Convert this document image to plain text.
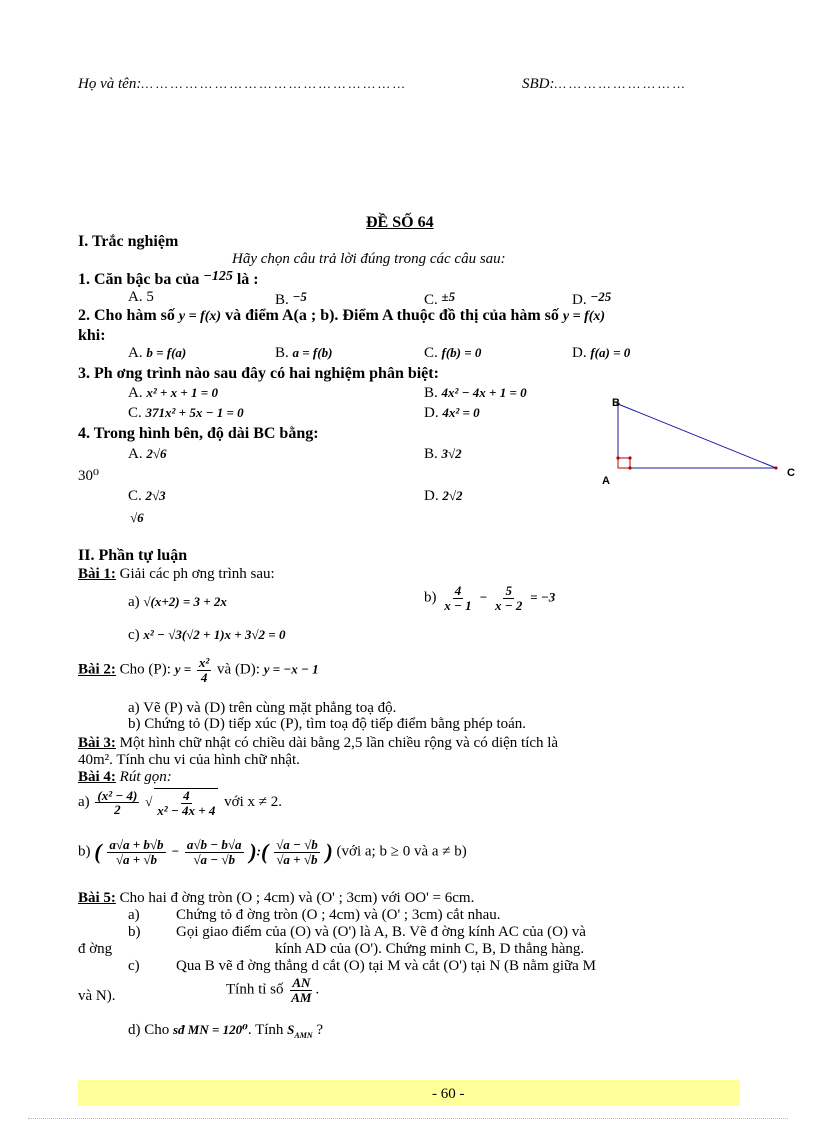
Họ và tên:… … … … … … … … … … … … … … … … … …	SBD:… … … … … … … … …
ĐỀ SỐ 64
I. Trắc nghiệm
Hãy chọn câu trả lời đúng trong các câu sau:
1. Căn bậc ba của −125 là :
A. 5	B. −5	C. ±5	D. −25
2. Cho hàm số y = f(x) và điểm A(a ; b). Điểm A thuộc đồ thị của hàm số y = f(x)
khi:
A. b = f(a)	B. a = f(b)	C. f(b) = 0	D. f(a) = 0
3. Ph ơng trình nào sau đây có hai nghiệm phân biệt:
A. x² + x + 1 = 0	B. 4x² − 4x + 1 = 0
C. 371x² + 5x − 1 = 0	D. 4x² = 0
4. Trong hình bên, độ dài BC bằng:
A. 2√6	B. 3√2
30⁰
C. 2√3	D. 2√2
√6
B
A
C
II. Phần tự luận
Bài 1: Giải các ph ơng trình sau:
a) √(x+2) = 3 + 2x	$b) \frac{4}{x - 1} - \frac{5}{x - 2} = -3$
c) x² − √3(√2 + 1)x + 3√2 = 0
Bài 2: Cho (P): $y = \frac{\text{x²}}{4}$ và (D): y = −x − 1
a) Vẽ (P) và (D) trên cùng mặt phẳng toạ độ.
b) Chứng tỏ (D) tiếp xúc (P), tìm toạ độ tiếp điểm bằng phép toán.
Bài 3: Một hình chữ nhật có chiều dài bằng 2,5 lần chiều rộng và có diện tích là
40m². Tính chu vi của hình chữ nhật.
Bài 4: Rút gọn:
$a) \frac{\text{(x² − 4)}}{2}$ √ $\frac{4}{\text{x² − 4x + 4}}$ với x ≠ 2.
b) ( $\frac{a√a + b√b}{√a + √b} - \frac{a√b - b√a}{√a - √b}$ ):( $\frac{√a - √b}{√a + √b}$ ) (với a; b ≥ 0 và a ≠ b)
Bài 5: Cho hai đ ờng tròn (O ; 4cm) và (O' ; 3cm) với OO' = 6cm.
a) Chứng tỏ đ ờng tròn (O ; 4cm) và (O' ; 3cm) cắt nhau.
b) Gọi giao điểm của (O) và (O') là A, B. Vẽ đ ờng kính AC của (O) và
đ ờng	kính AD của (O'). Chứng minh C, B, D thẳng hàng.
c) Qua B vẽ đ ờng thẳng d cắt (O) tại M và cắt (O') tại N (B nằm giữa M
và N).	Tính tỉ số $\frac{AN}{AM}$ .
d) Cho sđ MN = 120⁰. Tính $S_{AMN}$ ?
- 60 -
